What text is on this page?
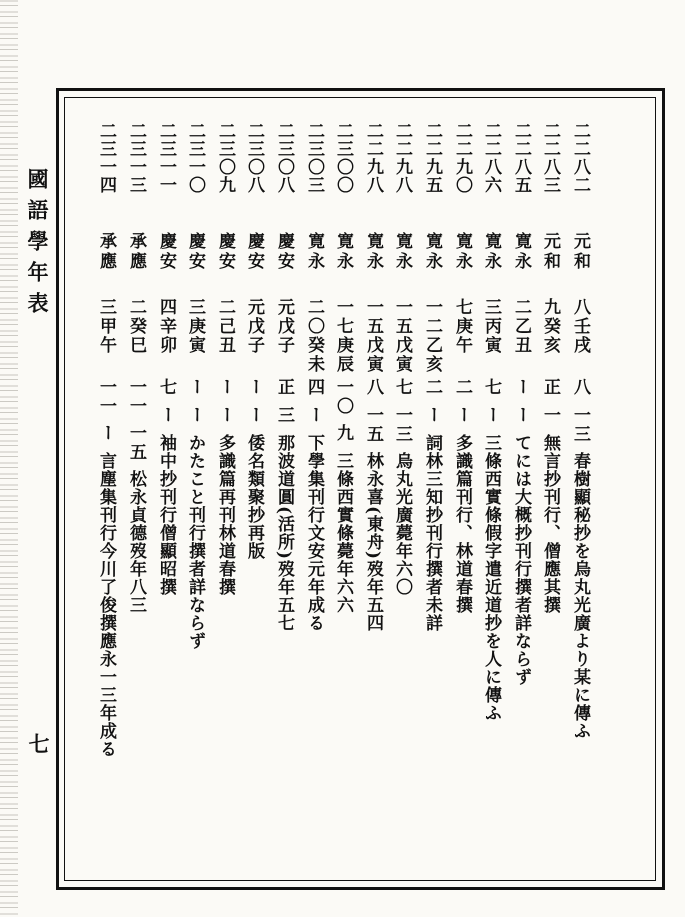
國語學年表
七
二二八二
元和
八壬戌
八
一三
春樹顯秘抄を烏丸光廣より某に傳ふ
二二八三
元和
九癸亥
正
一
無言抄刊行、僧應其撰
二二八五
寛永
二乙丑
ー
ー
てには大概抄刊行撰者詳ならず
二二八六
寛永
三丙寅
七
ー
三條西實條假字遣近道抄を人に傳ふ
二二九〇
寛永
七庚午
二
ー
多識篇刊行、林道春撰
二二九五
寛永
一二乙亥
二
ー
詞林三知抄刊行撰者未詳
二二九八
寛永
一五戊寅
七
一三
烏丸光廣薨年六〇
二二九八
寛永
一五戊寅
八
一五
林永喜(東舟)歿年五四
二三〇〇
寛永
一七庚辰
一〇
九
三條西實條薨年六六
二三〇三
寛永
二〇癸未
四
ー
下學集刊行文安元年成る
二三〇八
慶安
元戊子
正
三
那波道圓(活所)歿年五七
二三〇八
慶安
元戊子
ー
ー
倭名類聚抄再版
二三〇九
慶安
二己丑
ー
ー
多識篇再刊林道春撰
二三一〇
慶安
三庚寅
ー
ー
かたこと刊行撰者詳ならず
二三一一
慶安
四辛卯
七
ー
袖中抄刊行僧顯昭撰
二三一三
承應
二癸巳
一一
一五
松永貞德歿年八三
二三一四
承應
三甲午
一一
ー
言塵集刊行今川了俊撰應永一三年成る
